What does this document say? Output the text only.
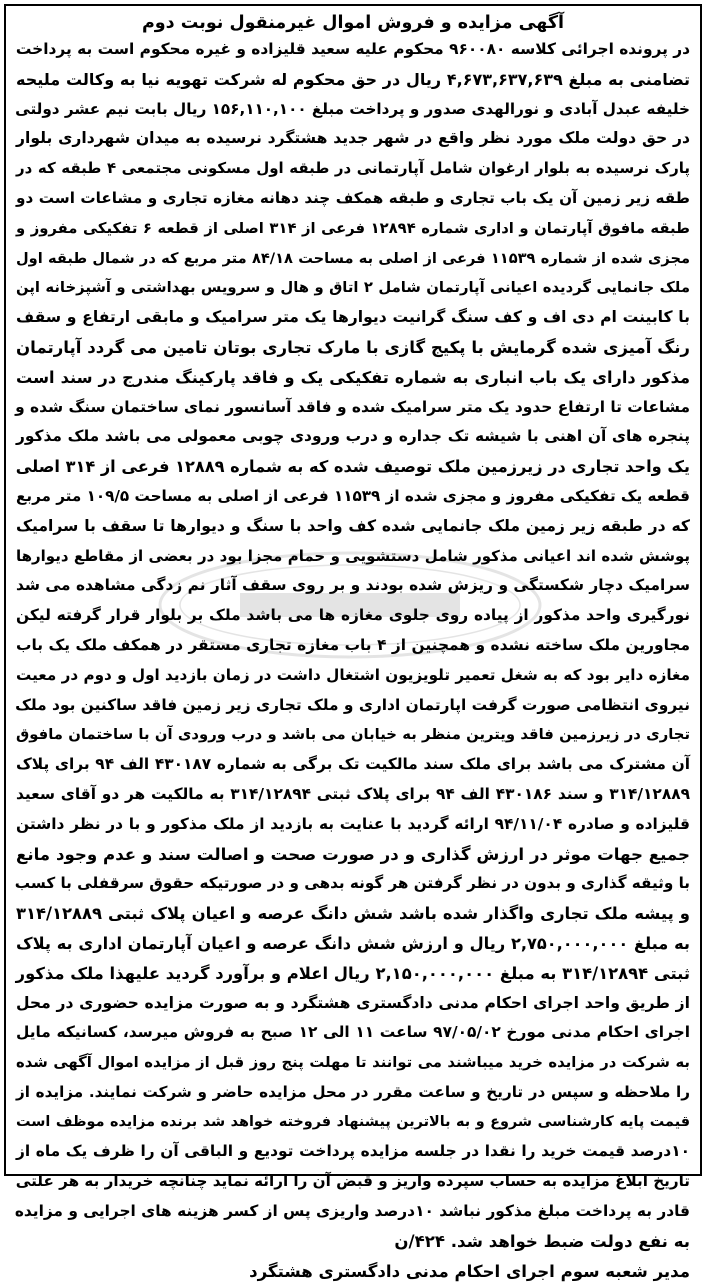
آگهی مزایده و فروش اموال غیرمنقول نوبت دوم
در پرونده اجرائی کلاسه ۹۶۰۰۸۰ محکوم علیه سعید قلیزاده و غیره محکوم است به پرداخت
تضامنی به مبلغ ۴,۶۷۳,۶۳۷,۶۳۹ ریال در حق محکوم له شرکت تهویه نیا به وکالت ملیحه
خلیفه عبدل آبادی و نورالهدی صدور و پرداخت مبلغ ۱۵۶,۱۱۰,۱۰۰ ریال بابت نیم عشر دولتی
در حق دولت ملک مورد نظر واقع در شهر جدید هشتگرد نرسیده به میدان شهرداری بلوار
پارک نرسیده به بلوار ارغوان شامل آپارتمانی در طبقه اول مسکونی مجتمعی ۴ طبقه که در
طقه زیر زمین آن یک باب تجاری و طبقه همکف چند دهانه مغازه تجاری و مشاعات است دو
طبقه مافوق آپارتمان و اداری شماره ۱۲۸۹۴ فرعی از ۳۱۴ اصلی از قطعه ۶ تفکیکی مفروز و
مجزی شده از شماره ۱۱۵۳۹ فرعی از اصلی به مساحت ۸۴/۱۸ متر مربع که در شمال طبقه اول
ملک جانمایی گردیده اعیانی آپارتمان شامل ۲ اتاق و هال و سرویس بهداشتی و آشپزخانه اپن
با کابینت ام دی اف و کف سنگ گرانیت دیوارها یک متر سرامیک و مابقی ارتفاع و سقف
رنگ آمیزی شده گرمایش با پکیج گازی با مارک تجاری بوتان تامین می گردد آپارتمان
مذکور دارای یک باب انباری به شماره تفکیکی یک و فاقد پارکینگ مندرج در سند است
مشاعات تا ارتفاع حدود یک متر سرامیک شده و فاقد آسانسور نمای ساختمان سنگ شده و
پنجره های آن اهنی با شیشه تک جداره و درب ورودی چوبی معمولی می باشد ملک مذکور
یک واحد تجاری در زیرزمین ملک توصیف شده که به شماره ۱۲۸۸۹ فرعی از ۳۱۴ اصلی
قطعه یک تفکیکی مفروز و مجزی شده از ۱۱۵۳۹ فرعی از اصلی به مساحت ۱۰۹/۵ متر مربع
که در طبقه زیر زمین ملک جانمایی شده کف واحد با سنگ و دیوارها تا سقف با سرامیک
پوشش شده اند اعیانی مذکور شامل دستشویی و حمام مجزا بود در بعضی از مقاطع دیوارها
سرامیک دچار شکستگی و ریزش شده بودند و بر روی سقف آثار نم زدگی مشاهده می شد
نورگیری واحد مذکور از پیاده روی جلوی مغازه ها می باشد ملک بر بلوار قرار گرفته لیکن
مجاورین ملک ساخته نشده و همچنین از ۴ باب مغازه تجاری مستقر در همکف ملک یک باب
مغازه دایر بود که به شغل تعمیر تلویزیون اشتغال داشت در زمان بازدید اول و دوم در معیت
نیروی انتظامی صورت گرفت اپارتمان اداری و ملک تجاری زیر زمین فاقد ساکنین بود ملک
تجاری در زیرزمین فاقد ویترین منظر به خیابان می باشد و درب ورودی آن با ساختمان مافوق
آن مشترک می باشد برای ملک سند مالکیت تک برگی به شماره ۴۳۰۱۸۷ الف ۹۴ برای پلاک
۳۱۴/۱۲۸۸۹ و سند ۴۳۰۱۸۶ الف ۹۴ برای پلاک ثبتی ۳۱۴/۱۲۸۹۴ به مالکیت هر دو آقای سعید
قلیزاده و صادره ۹۴/۱۱/۰۴ ارائه گردید با عنایت به بازدید از ملک مذکور و با در نظر داشتن
جمیع جهات موثر در ارزش گذاری و در صورت صحت و اصالت سند و عدم وجود مانع
با وثیقه گذاری و بدون در نظر گرفتن هر گونه بدهی و در صورتیکه حقوق سرقفلی با کسب
و پیشه ملک تجاری واگذار شده باشد شش دانگ عرصه و اعیان پلاک ثبتی ۳۱۴/۱۲۸۸۹
به مبلغ ۲,۷۵۰,۰۰۰,۰۰۰ ریال و ارزش شش دانگ عرصه و اعیان آپارتمان اداری به پلاک
ثبتی ۳۱۴/۱۲۸۹۴ به مبلغ ۲,۱۵۰,۰۰۰,۰۰۰ ریال اعلام و برآورد گردید علیهذا ملک مذکور
از طریق واحد اجرای احکام مدنی دادگستری هشتگرد و به صورت مزایده حضوری در محل
اجرای احکام مدنی مورخ ۹۷/۰۵/۰۲ ساعت ۱۱ الی ۱۲ صبح به فروش میرسد، کسانیکه مایل
به شرکت در مزایده خرید میباشند می توانند تا مهلت پنج روز قبل از مزایده اموال آگهی شده
را ملاحظه و سپس در تاریخ و ساعت مقرر در محل مزایده حاضر و شرکت نمایند. مزایده از
قیمت پایه کارشناسی شروع و به بالاترین پیشنهاد فروخته خواهد شد برنده مزایده موظف است
۱۰درصد قیمت خرید را نقدا در جلسه مزایده پرداخت تودیع و الباقی آن را ظرف یک ماه از
تاریخ ابلاغ مزایده به حساب سپرده واریز و قبض آن را ارائه نماید چنانچه خریدار به هر علتی
قادر به پرداخت مبلغ مذکور نباشد ۱۰درصد واریزی پس از کسر هزینه های اجرایی و مزایده
به نفع دولت ضبط خواهد شد. ۴۲۴/ن
مدیر شعبه سوم اجرای احکام مدنی دادگستری هشتگرد
